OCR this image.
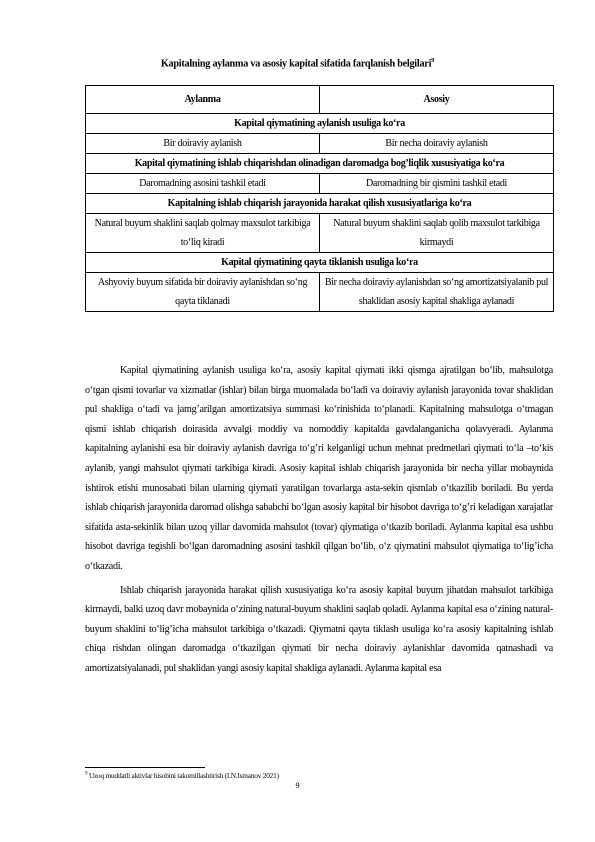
Kapitalning aylanma va asosiy kapital sifatida farqlanish belgilari$^9$
Aylanma	Asosiy
Kapital qiymatining aylanish usuliga ko‘ra	
Bir doiraviy aylanish	Bir necha doiraviy aylanish
Kapital qiymatining ishlab chiqarishdan olinadigan daromadga bog’liqlik xususiyatiga ko‘ra	
Daromadning asosini tashkil etadi	Daromadning bir qismini tashkil etadi
Kapitalning ishlab chiqarish jarayonida harakat qilish xususiyatlariga ko‘ra	
Natural buyum shaklini saqlab qolmay maxsulot tarkibiga to‘liq kiradi	Natural buyum shaklini saqlab qolib maxsulot tarkibiga kirmaydi
Kapital qiymatining qayta tiklanish usuliga ko‘ra	
Ashyoviy buyum sifatida bir doiraviy aylanishdan so‘ng qayta tiklanadi	Bir necha doiraviy aylanishdan so‘ng amortizatsiyalanib pul shaklidan asosiy kapital shakliga aylanadi

Kapital qiymatining aylanish usuliga ko‘ra, asosiy kapital qiymati ikki qismga ajratilgan bo‘lib, mahsulotga o‘tgan qismi tovarlar va xizmatlar (ishlar) bilan birga muomalada bo‘ladi va doiraviy aylanish jarayonida tovar shaklidan pul shakliga o‘tadi va jamg’arilgan amortizatsiya summasi ko‘rinishida to‘planadi. Kapitalning mahsulotga o‘tmagan qismi ishlab chiqarish doirasida avvalgi moddiy va nomoddiy kapitalda gavdalanganicha qolavyeradi. Aylanma kapitalning aylanishi esa bir doiraviy aylanish davriga to‘g’ri kelganligi uchun mehnat predmetlari qiymati to‘la –to‘kis aylanib, yangi mahsulot qiymati tarkibiga kiradi. Asosiy kapital ishlab chiqarish jarayonida bir necha yillar mobaynida ishtirok etishi munosabati bilan ularning qiymati yaratilgan tovarlarga asta-sekin qismlab o‘tkazilib boriladi. Bu yerda ishlab chiqarish jarayonida daromad olishga sababchi bo‘lgan asosiy kapital bir hisobot davriga to‘g’ri keladigan xarajatlar sifatida asta-sekinlik bilan uzoq yillar davomida mahsulot (tovar) qiymatiga o‘tkazib boriladi. Aylanma kapital esa ushbu hisobot davriga tegishli bo‘lgan daromadning asosini tashkil qilgan bo‘lib, o‘z qiymatini mahsulot qiymatiga to‘lig’icha o‘tkazadi.

Ishlab chiqarish jarayonida harakat qilish xususiyatiga ko‘ra asosiy kapital buyum jihatdan mahsulot tarkibiga kirmaydi, balki uzoq davr mobaynida o‘zining natural-buyum shaklini saqlab qoladi. Aylanma kapital esa o‘zining natural-buyum shaklini to‘lig’icha mahsulot tarkibiga o‘tkazadi. Qiymatni qayta tiklash usuliga ko‘ra asosiy kapitalning ishlab chiqa rishdan olingan daromadga o‘tkazilgan qiymati bir necha doiraviy aylanishlar davomida qatnashadi va amortizatsiyalanadi, pul shaklidan yangi asosiy kapital shakliga aylanadi. Aylanma kapital esa

$^9$ Uzoq muddatli aktivlar hisobini takomillashtirish (I.N.Ismanov 2021)
9
